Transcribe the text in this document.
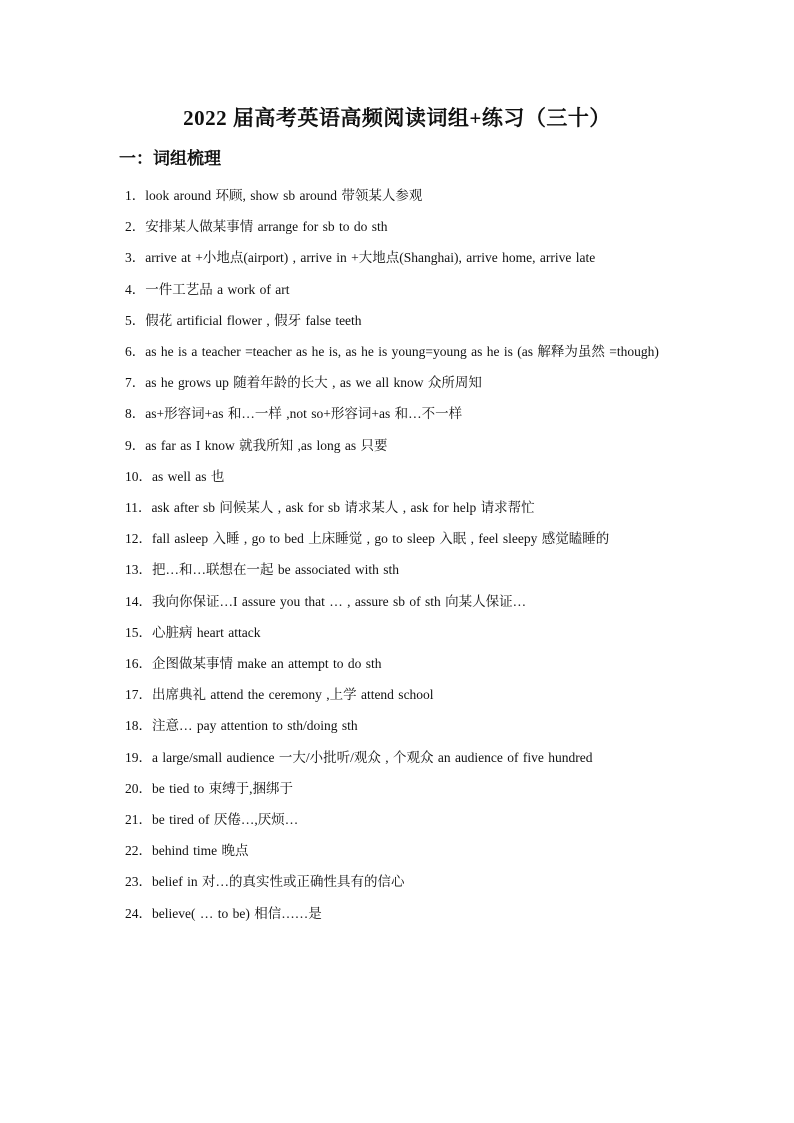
2022 届高考英语高频阅读词组+练习（三十）
一：词组梳理
1．look around 环顾, show sb around 带领某人参观
2．安排某人做某事情 arrange for sb to do sth
3．arrive at +小地点(airport) , arrive in +大地点(Shanghai), arrive home, arrive late
4．一件工艺品 a work of art
5．假花 artificial flower , 假牙 false teeth
6．as he is a teacher =teacher as he is, as he is young=young as he is (as 解释为虽然 =though)
7．as he grows up 随着年龄的长大 , as we all know 众所周知
8．as+形容词+as 和…一样 ,not so+形容词+as 和…不一样
9．as far as I know 就我所知 ,as long as 只要
10．as well as 也
11．ask after sb 问候某人 , ask for sb 请求某人 , ask for help 请求帮忙
12．fall asleep 入睡 , go to bed 上床睡觉 , go to sleep 入眠 , feel sleepy 感觉瞌睡的
13．把…和…联想在一起 be associated with sth
14．我向你保证…I assure you that … , assure sb of sth 向某人保证…
15．心脏病 heart attack
16．企图做某事情 make an attempt to do sth
17．出席典礼 attend the ceremony ,上学 attend school
18．注意… pay attention to sth/doing sth
19．a large/small audience 一大/小批听/观众 , 个观众 an audience of five hundred
20．be tied to 束缚于,捆绑于
21．be tired of 厌倦…,厌烦…
22．behind time 晚点
23．belief in 对…的真实性或正确性具有的信心
24．believe( … to be) 相信……是
